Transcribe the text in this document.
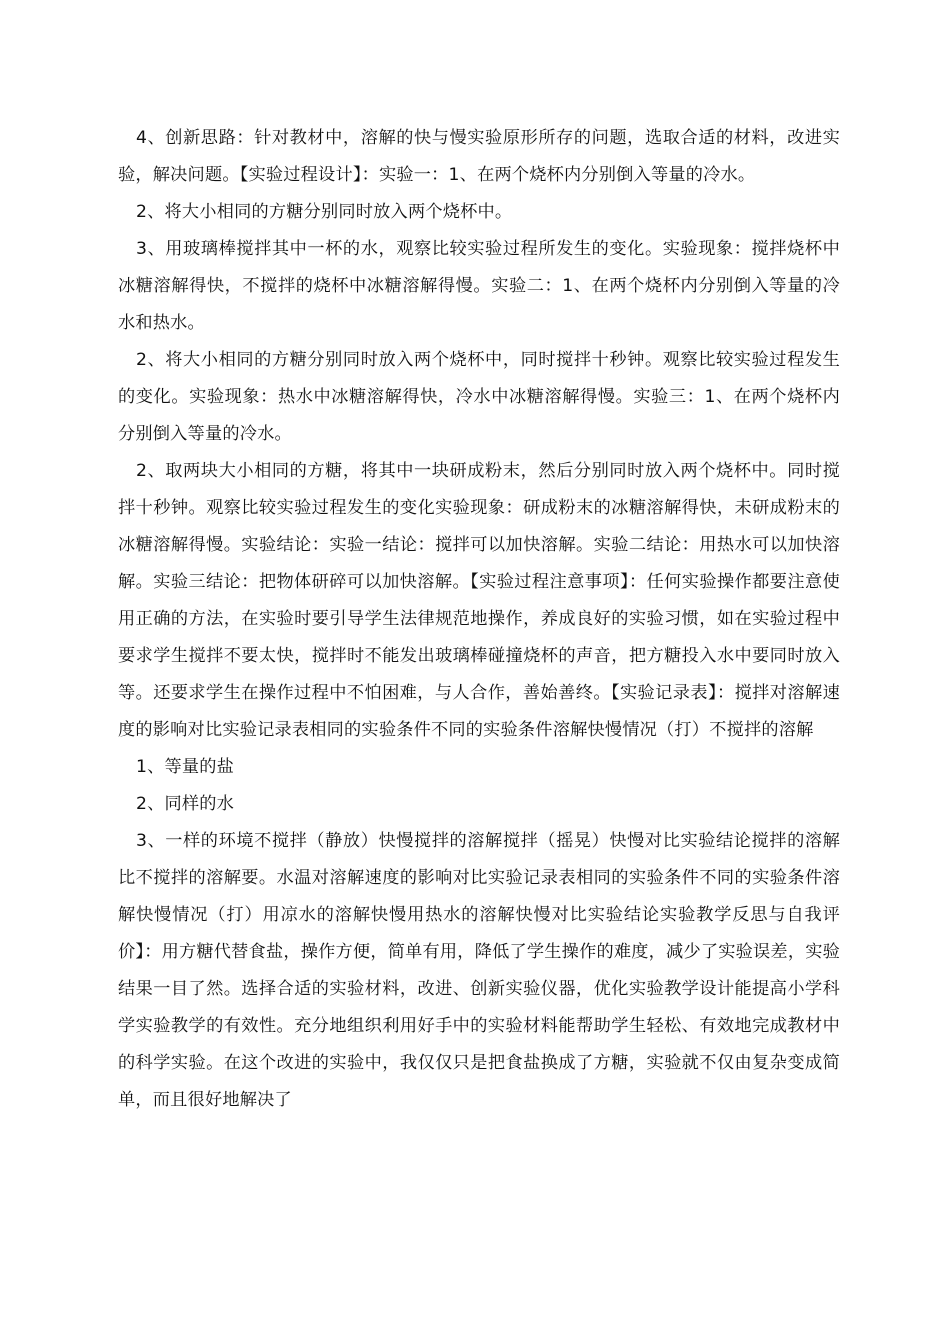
4、创新思路：针对教材中，溶解的快与慢实验原形所存的问题，选取合适的材料，改进实验，解决问题。【实验过程设计】：实验一：1、在两个烧杯内分别倒入等量的冷水。

2、将大小相同的方糖分别同时放入两个烧杯中。

3、用玻璃棒搅拌其中一杯的水，观察比较实验过程所发生的变化。实验现象：搅拌烧杯中冰糖溶解得快，不搅拌的烧杯中冰糖溶解得慢。实验二：1、在两个烧杯内分别倒入等量的冷水和热水。

2、将大小相同的方糖分别同时放入两个烧杯中，同时搅拌十秒钟。观察比较实验过程发生的变化。实验现象：热水中冰糖溶解得快，冷水中冰糖溶解得慢。实验三：1、在两个烧杯内分别倒入等量的冷水。

2、取两块大小相同的方糖，将其中一块研成粉末，然后分别同时放入两个烧杯中。同时搅拌十秒钟。观察比较实验过程发生的变化实验现象：研成粉末的冰糖溶解得快，未研成粉末的冰糖溶解得慢。实验结论：实验一结论：搅拌可以加快溶解。实验二结论：用热水可以加快溶解。实验三结论：把物体研碎可以加快溶解。【实验过程注意事项】：任何实验操作都要注意使用正确的方法，在实验时要引导学生法律规范地操作，养成良好的实验习惯，如在实验过程中要求学生搅拌不要太快，搅拌时不能发出玻璃棒碰撞烧杯的声音，把方糖投入水中要同时放入等。还要求学生在操作过程中不怕困难，与人合作，善始善终。【实验记录表】：搅拌对溶解速度的影响对比实验记录表相同的实验条件不同的实验条件溶解快慢情况（打）不搅拌的溶解

1、等量的盐

2、同样的水

3、一样的环境不搅拌（静放）快慢搅拌的溶解搅拌（摇晃）快慢对比实验结论搅拌的溶解比不搅拌的溶解要。水温对溶解速度的影响对比实验记录表相同的实验条件不同的实验条件溶解快慢情况（打）用凉水的溶解快慢用热水的溶解快慢对比实验结论实验教学反思与自我评价】：用方糖代替食盐，操作方便，简单有用，降低了学生操作的难度，减少了实验误差，实验结果一目了然。选择合适的实验材料，改进、创新实验仪器，优化实验教学设计能提高小学科学实验教学的有效性。充分地组织利用好手中的实验材料能帮助学生轻松、有效地完成教材中的科学实验。在这个改进的实验中，我仅仅只是把食盐换成了方糖，实验就不仅由复杂变成简单，而且很好地解决了
